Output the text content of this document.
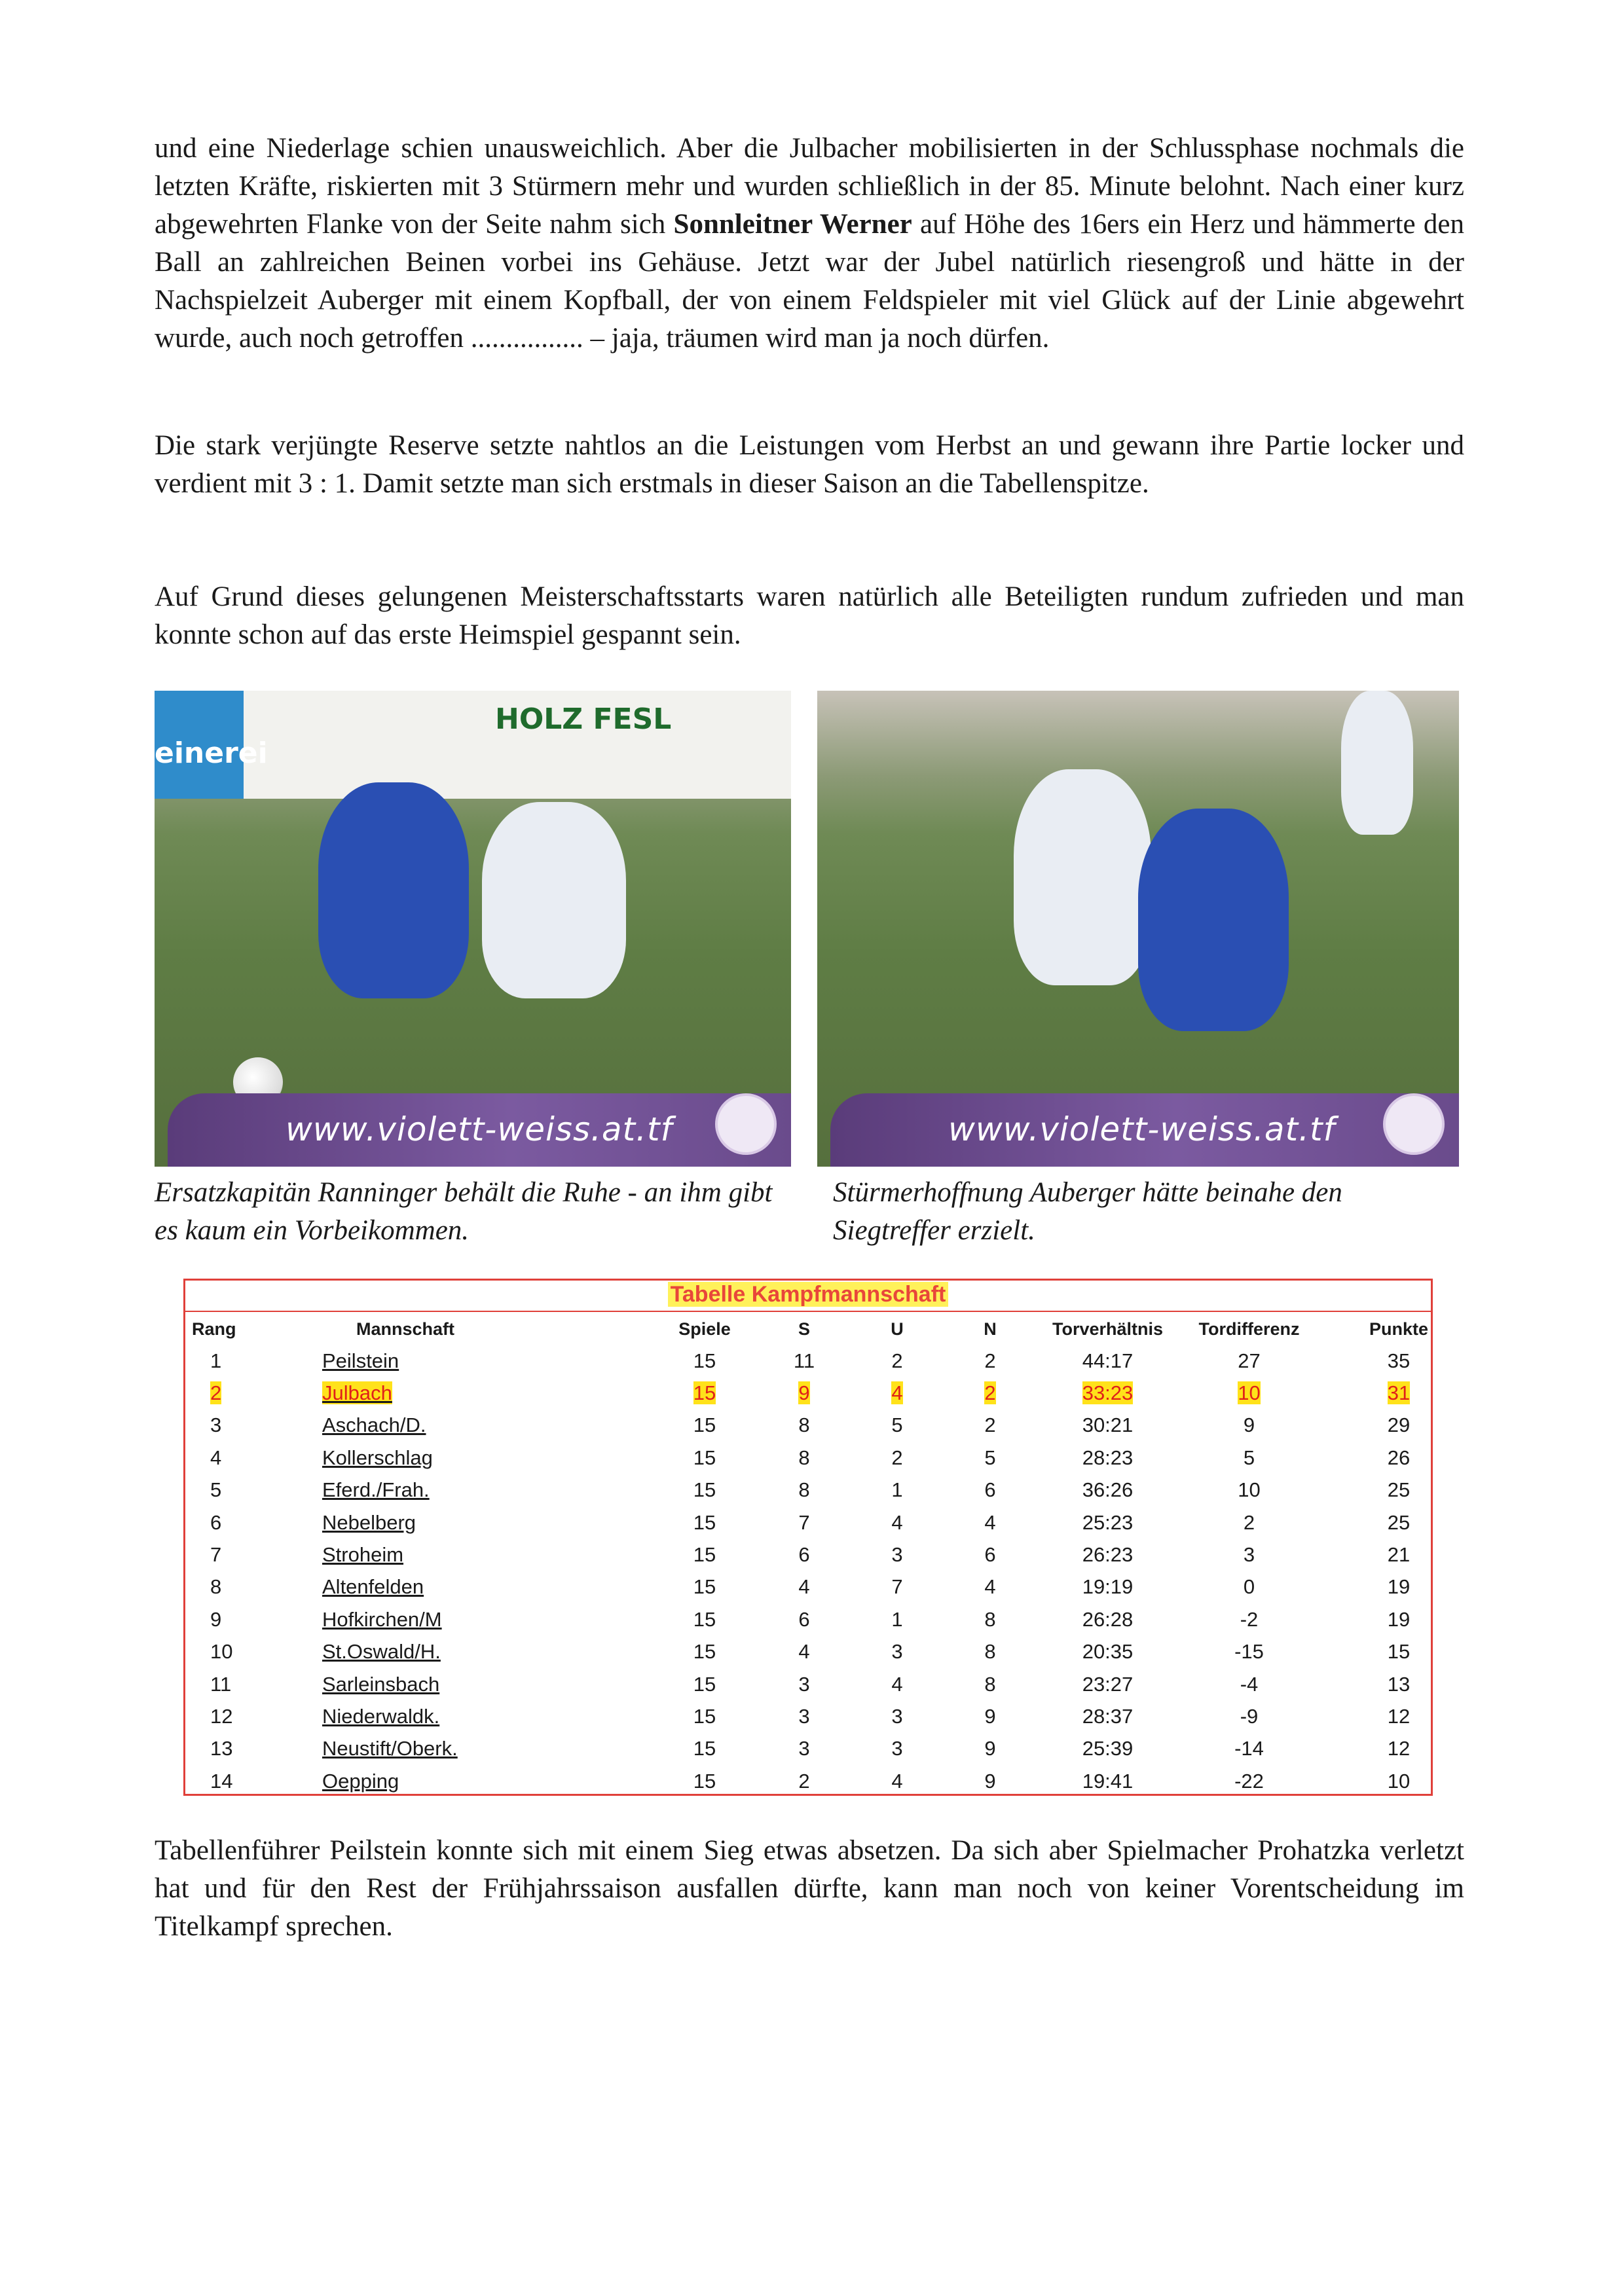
und eine Niederlage schien unausweichlich. Aber die Julbacher mobilisierten in der Schlussphase nochmals die letzten Kräfte, riskierten mit 3 Stürmern mehr und wurden schließlich in der 85. Minute belohnt. Nach einer kurz abgewehrten Flanke von der Seite nahm sich Sonnleitner Werner auf Höhe des 16ers ein Herz und hämmerte den Ball an zahlreichen Beinen vorbei ins Gehäuse. Jetzt war der Jubel natürlich riesengroß und hätte in der Nachspielzeit Auberger mit einem Kopfball, der von einem Feldspieler mit viel Glück auf der Linie abgewehrt wurde, auch noch getroffen ................ – jaja, träumen wird man ja noch dürfen.

Die stark verjüngte Reserve setzte nahtlos an die Leistungen vom Herbst an und gewann ihre Partie locker und verdient mit 3 : 1. Damit setzte man sich erstmals in dieser Saison an die Tabellenspitze.

Auf Grund dieses gelungenen Meisterschaftsstarts waren natürlich alle Beteiligten rundum zufrieden und man konnte schon auf das erste Heimspiel gespannt sein.

einerei
HOLZ FESL
www.violett-weiss.at.tf	www.violett-weiss.at.tf

Ersatzkapitän Ranninger behält die Ruhe - an ihm gibt es kaum ein Vorbeikommen.

Stürmerhoffnung Auberger hätte beinahe den Siegtreffer erzielt.

Tabelle Kampfmannschaft
Rang	Mannschaft	Spiele	S	U	N	Torverhältnis	Tordifferenz	Punkte
1	Peilstein	15	11	2	2	44:17	27	35
2	Julbach	15	9	4	2	33:23	10	31
3	Aschach/D.	15	8	5	2	30:21	9	29
4	Kollerschlag	15	8	2	5	28:23	5	26
5	Eferd./Frah.	15	8	1	6	36:26	10	25
6	Nebelberg	15	7	4	4	25:23	2	25
7	Stroheim	15	6	3	6	26:23	3	21
8	Altenfelden	15	4	7	4	19:19	0	19
9	Hofkirchen/M	15	6	1	8	26:28	-2	19
10	St.Oswald/H.	15	4	3	8	20:35	-15	15
11	Sarleinsbach	15	3	4	8	23:27	-4	13
12	Niederwaldk.	15	3	3	9	28:37	-9	12
13	Neustift/Oberk.	15	3	3	9	25:39	-14	12
14	Oepping	15	2	4	9	19:41	-22	10

Tabellenführer Peilstein konnte sich mit einem Sieg etwas absetzen. Da sich aber Spielmacher Prohatzka verletzt hat und für den Rest der Frühjahrssaison ausfallen dürfte, kann man noch von keiner Vorentscheidung im Titelkampf sprechen.
